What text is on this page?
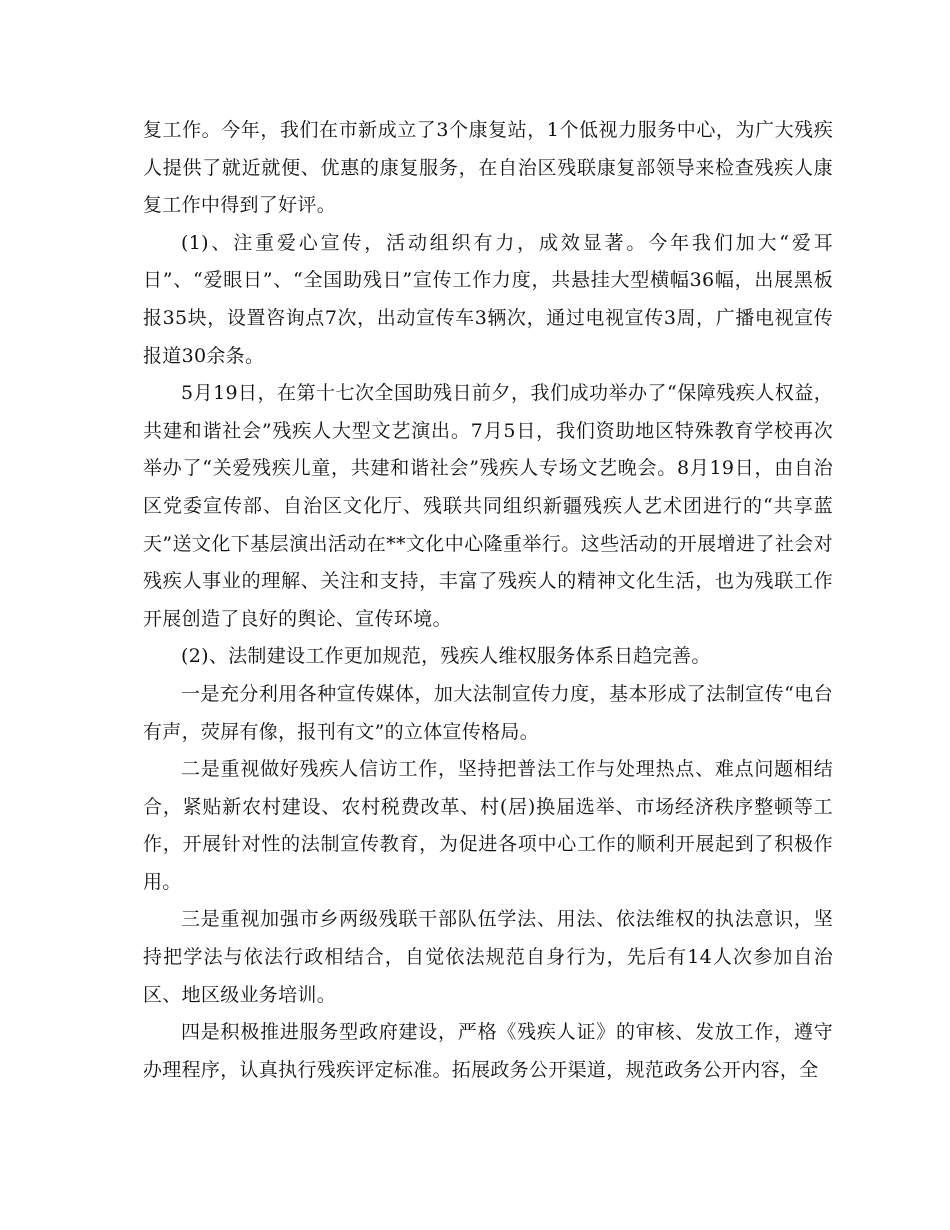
复工作。今年，我们在市新成立了3个康复站，1个低视力服务中心，为广大残疾人提供了就近就便、优惠的康复服务，在自治区残联康复部领导来检查残疾人康复工作中得到了好评。

(1)、注重爱心宣传，活动组织有力，成效显著。今年我们加大“爱耳日”、“爱眼日”、“全国助残日”宣传工作力度，共悬挂大型横幅36幅，出展黑板报35块，设置咨询点7次，出动宣传车3辆次，通过电视宣传3周，广播电视宣传报道30余条。

5月19日，在第十七次全国助残日前夕，我们成功举办了“保障残疾人权益，共建和谐社会”残疾人大型文艺演出。7月5日，我们资助地区特殊教育学校再次举办了“关爱残疾儿童，共建和谐社会”残疾人专场文艺晚会。8月19日，由自治区党委宣传部、自治区文化厅、残联共同组织新疆残疾人艺术团进行的“共享蓝天”送文化下基层演出活动在**文化中心隆重举行。这些活动的开展增进了社会对残疾人事业的理解、关注和支持，丰富了残疾人的精神文化生活，也为残联工作开展创造了良好的舆论、宣传环境。

(2)、法制建设工作更加规范，残疾人维权服务体系日趋完善。

一是充分利用各种宣传媒体，加大法制宣传力度，基本形成了法制宣传“电台有声，荧屏有像，报刊有文”的立体宣传格局。

二是重视做好残疾人信访工作，坚持把普法工作与处理热点、难点问题相结合，紧贴新农村建设、农村税费改革、村(居)换届选举、市场经济秩序整顿等工作，开展针对性的法制宣传教育，为促进各项中心工作的顺利开展起到了积极作用。

三是重视加强市乡两级残联干部队伍学法、用法、依法维权的执法意识，坚持把学法与依法行政相结合，自觉依法规范自身行为，先后有14人次参加自治区、地区级业务培训。

四是积极推进服务型政府建设，严格《残疾人证》的审核、发放工作，遵守办理程序，认真执行残疾评定标准。拓展政务公开渠道，规范政务公开内容，全
